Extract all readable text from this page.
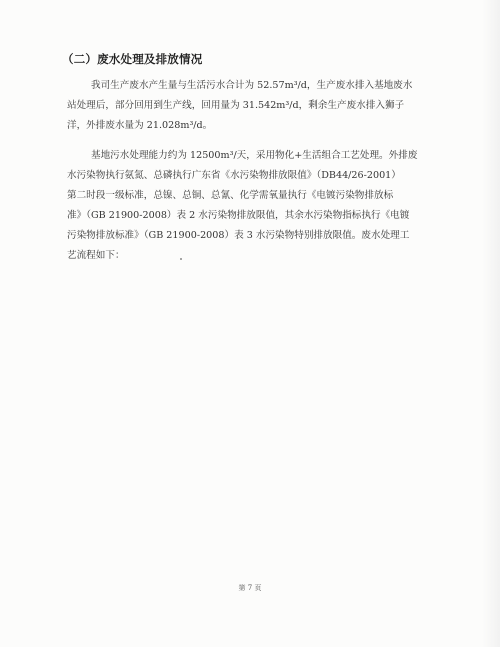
（二）废水处理及排放情况
我司生产废水产生量与生活污水合计为 52.57m³/d，生产废水排入基地废水
站处理后，部分回用到生产线，回用量为 31.542m³/d，剩余生产废水排入狮子
洋，外排废水量为 21.028m³/d。
基地污水处理能力约为 12500m³/天，采用物化+生活组合工艺处理。外排废
水污染物执行氨氮、总磷执行广东省《水污染物排放限值》（DB44/26-2001）
第二时段一级标准，总镍、总铜、总氰、化学需氧量执行《电镀污染物排放标
准》（GB 21900-2008）表 2 水污染物排放限值，其余水污染物指标执行《电镀
污染物排放标准》（GB 21900-2008）表 3 水污染物特别排放限值。废水处理工
艺流程如下：
第 7 页
